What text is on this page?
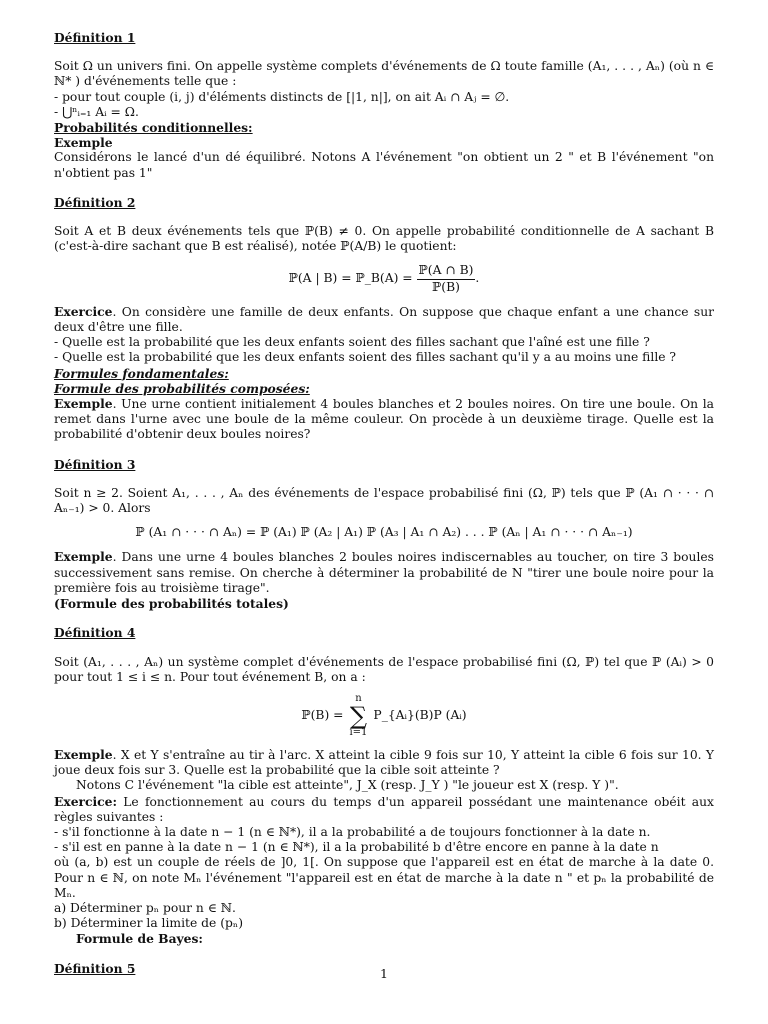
Définition 1

Soit Ω un univers fini. On appelle système complets d'événements de Ω toute famille (A₁, . . . , Aₙ) (où n ∈ ℕ* ) d'événements telle que :

- pour tout couple (i, j) d'éléments distincts de [|1, n|], on ait Aᵢ ∩ Aⱼ = ∅.

- ⋃ⁿᵢ₌₁ Aᵢ = Ω.

Probabilités conditionnelles:

Exemple

Considérons le lancé d'un dé équilibré. Notons A l'événement "on obtient un 2 " et B l'événement "on n'obtient pas 1"

Définition 2

Soit A et B deux événements tels que ℙ(B) ≠ 0. On appelle probabilité conditionnelle de A sachant B (c'est-à-dire sachant que B est réalisé), notée ℙ(A/B) le quotient:

ℙ(A | B) = ℙ_B(A) = $\frac{\text{ℙ(A ∩ B)}}{\text{ℙ(B)}}$ .

Exercice. On considère une famille de deux enfants. On suppose que chaque enfant a une chance sur deux d'être une fille.

- Quelle est la probabilité que les deux enfants soient des filles sachant que l'aîné est une fille ?

- Quelle est la probabilité que les deux enfants soient des filles sachant qu'il y a au moins une fille ?

Formules fondamentales:

Formule des probabilités composées:

Exemple. Une urne contient initialement 4 boules blanches et 2 boules noires. On tire une boule. On la remet dans l'urne avec une boule de la même couleur. On procède à un deuxième tirage. Quelle est la probabilité d'obtenir deux boules noires?

Définition 3

Soit n ≥ 2. Soient A₁, . . . , Aₙ des événements de l'espace probabilisé fini (Ω, ℙ) tels que ℙ (A₁ ∩ · · · ∩ Aₙ₋₁) > 0. Alors

ℙ (A₁ ∩ · · · ∩ Aₙ) = ℙ (A₁) ℙ (A₂ | A₁) ℙ (A₃ | A₁ ∩ A₂) . . . ℙ (Aₙ | A₁ ∩ · · · ∩ Aₙ₋₁)

Exemple. Dans une urne 4 boules blanches 2 boules noires indiscernables au toucher, on tire 3 boules successivement sans remise. On cherche à déterminer la probabilité de N "tirer une boule noire pour la première fois au troisième tirage".

(Formule des probabilités totales)

Définition 4

Soit (A₁, . . . , Aₙ) un système complet d'événements de l'espace probabilisé fini (Ω, ℙ) tel que ℙ (Aᵢ) > 0 pour tout 1 ≤ i ≤ n. Pour tout événement B, on a :

ℙ(B) =
n
∑
i=1
P_{Aᵢ}(B)P (Aᵢ)

Exemple. X et Y s'entraîne au tir à l'arc. X atteint la cible 9 fois sur 10, Y atteint la cible 6 fois sur 10. Y joue deux fois sur 3. Quelle est la probabilité que la cible soit atteinte ?

Notons C l'événement "la cible est atteinte", J_X (resp. J_Y ) "le joueur est X (resp. Y )".

Exercice: Le fonctionnement au cours du temps d'un appareil possédant une maintenance obéit aux règles suivantes :

- s'il fonctionne à la date n − 1 (n ∈ ℕ*), il a la probabilité a de toujours fonctionner à la date n.

- s'il est en panne à la date n − 1 (n ∈ ℕ*), il a la probabilité b d'être encore en panne à la date n

où (a, b) est un couple de réels de ]0, 1[. On suppose que l'appareil est en état de marche à la date 0. Pour n ∈ ℕ, on note Mₙ l'événement "l'appareil est en état de marche à la date n " et pₙ la probabilité de Mₙ.

a) Déterminer pₙ pour n ∈ ℕ.

b) Déterminer la limite de (pₙ)

Formule de Bayes:

Définition 5	1
